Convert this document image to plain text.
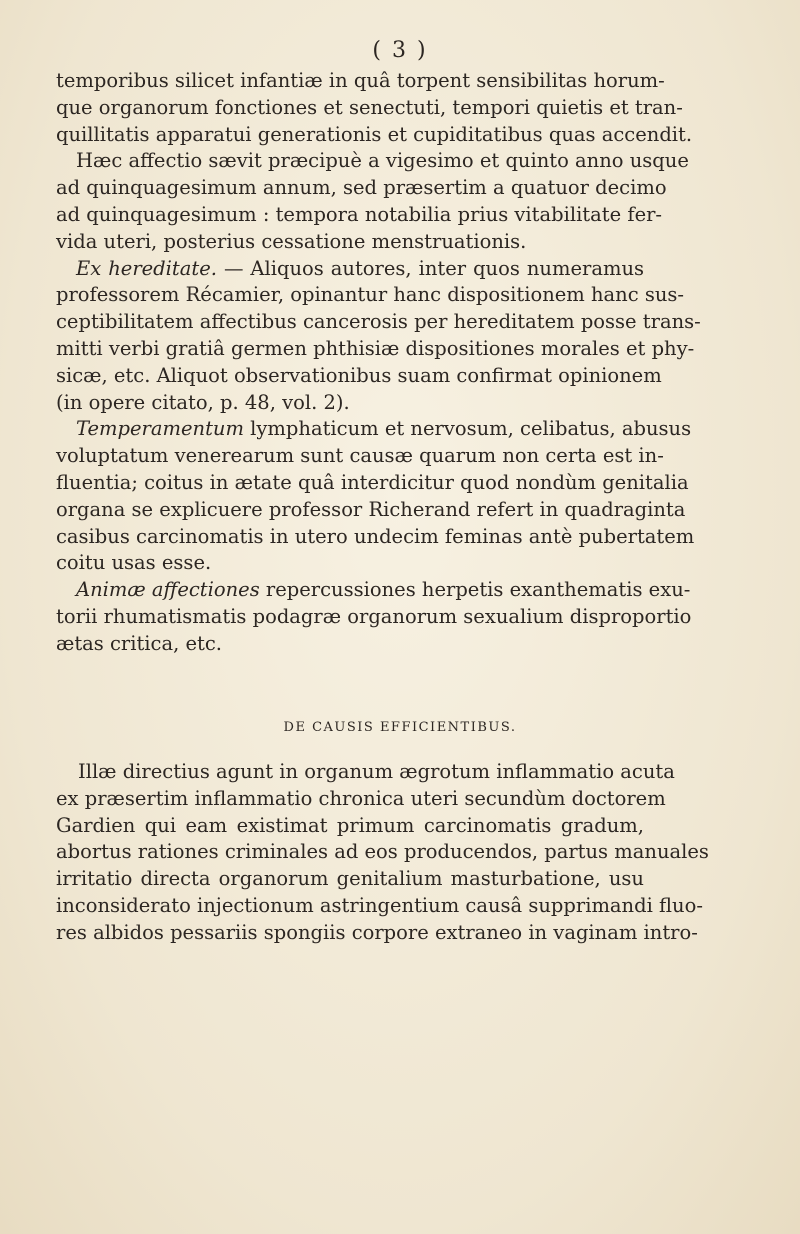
( 3 )
temporibus silicet infantiæ in quâ torpent sensibilitas horum-
que organorum fonctiones et senectuti, tempori quietis et tran-
quillitatis apparatui generationis et cupiditatibus quas accendit.
Hæc affectio sævit præcipuè a vigesimo et quinto anno usque
ad quinquagesimum annum, sed præsertim a quatuor decimo
ad quinquagesimum : tempora notabilia prius vitabilitate fer-
vida uteri, posterius cessatione menstruationis.
Ex hereditate. — Aliquos autores, inter quos numeramus
professorem Récamier, opinantur hanc dispositionem hanc sus-
ceptibilitatem affectibus cancerosis per hereditatem posse trans-
mitti verbi gratiâ germen phthisiæ dispositiones morales et phy-
sicæ, etc. Aliquot observationibus suam confirmat opinionem
(in opere citato, p. 48, vol. 2).
Temperamentum lymphaticum et nervosum, celibatus, abusus
voluptatum venerearum sunt causæ quarum non certa est in-
fluentia; coitus in ætate quâ interdicitur quod nondùm genitalia
organa se explicuere professor Richerand refert in quadraginta
casibus carcinomatis in utero undecim feminas antè pubertatem
coitu usas esse.
Animæ affectiones repercussiones herpetis exanthematis exu-
torii rhumatismatis podagræ organorum sexualium disproportio
ætas critica, etc.
DE CAUSIS EFFICIENTIBUS.
Illæ directius agunt in organum ægrotum inflammatio acuta
ex præsertim inflammatio chronica uteri secundùm doctorem
Gardien qui eam existimat primum carcinomatis gradum,
abortus rationes criminales ad eos producendos, partus manuales
irritatio directa organorum genitalium masturbatione, usu
inconsiderato injectionum astringentium causâ supprimandi fluo-
res albidos pessariis spongiis corpore extraneo in vaginam intro-
